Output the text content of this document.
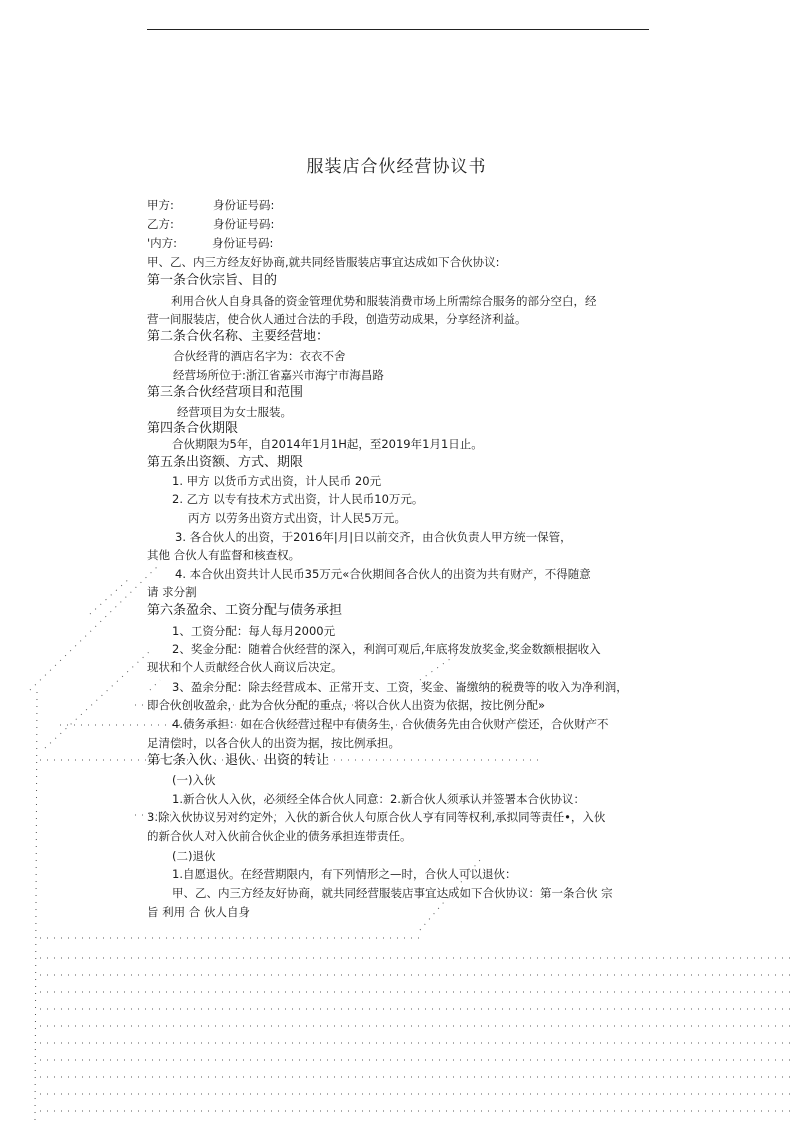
服装店合伙经营协议书
甲方:	身份证号码:
乙方:	身份证号码:
'内方:	身份证号码:
甲、乙、内三方经友好协商,就共同经皆服装店事宜达成如下合伙协议:
第一条合伙宗旨、目的
利用合伙人自身具备的资金管理优势和服装消费市场上所需综合服务的部分空白，经
营一间服装店，使合伙人通过合法的手段，创造劳动成果，分享经济利益。
第二条合伙名称、主要经营地：
合伙经背的酒店名字为：衣衣不舍
经营场所位于:浙江省嘉兴市海宁市海昌路
第三条合伙经营项目和范围
经营项目为女士服装。
第四条合伙期限
合伙期限为5年，自2014年1月1H起，至2019年1月1日止。
第五条出资额、方式、期限
1. 甲方 以货币方式出资，计人民币 20元
2. 乙方 以专有技术方式出资，计人民币10万元。
丙方 以劳务出资方式出资，计人民5万元。
3. 各合伙人的出资，于2016年|月|日以前交齐，由合伙负责人甲方统一保管，
其他 合伙人有监督和核查权。
4. 本合伙出资共计人民币35万元«合伙期间各合伙人的出资为共有财产，不得随意
请 求分割
第六条盈余、工资分配与债务承担
1、工资分配：每人每月2000元
2、奖金分配：随着合伙经营的深入，利润可观后,年底将发放奖金,奖金数额根据收入
现状和个人贡献经合伙人商议后决定。
3、盈余分配：除去经营成本、正常开支、工资，奖金、崙缴纳的税费等的收入为净利润，
即合伙创收盈余，此为合伙分配的重点，将以合伙人出资为依据，按比例分配»
4.债务承担：如在合伙经营过程中有债务生，合伙债务先由合伙财产偿还，合伙财产不
足清偿时，以各合伙人的出资为据，按比例承担。
第七条入伙、退伙、出资的转让
(一)入伙
1.新合伙人入伙，必须经全体合伙人同意：2.新合伙人须承认并签署本合伙协议：
3.除入伙协议另对约定外，入伙的新合伙人句原合伙人亨有同等权利,承拟同等责任•，入伙
的新合伙人对入伙前合伙企业的债务承担连带责任。
(二)退伙
1.自愿退伙。在经营期限内，有下列情形之—时，合伙人可以退伙：
甲、乙、内三方经友好协商，就共同经营服装店事宜达成如下合伙协议：第一条合伙 宗
旨 利用 合 伙人自身
